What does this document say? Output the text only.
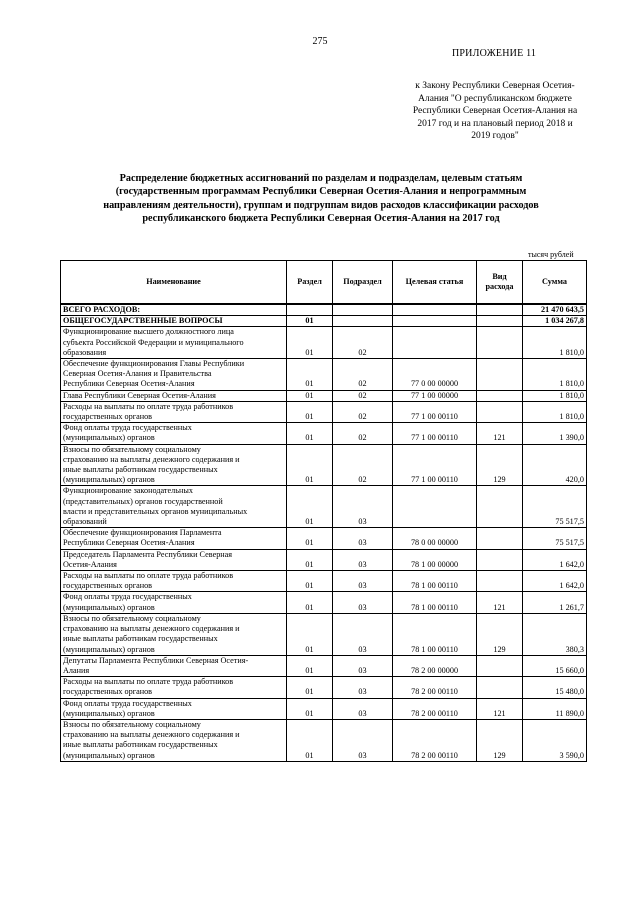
275
ПРИЛОЖЕНИЕ 11
к Закону Республики Северная Осетия-
Алания "О республиканском бюджете
Республики Северная Осетия-Алания на
2017 год и на плановый период 2018 и
2019 годов"
Распределение бюджетных ассигнований по разделам и подразделам, целевым статьям
(государственным программам Республики Северная Осетия-Алания и непрограммным
направлениям деятельности), группам и подгруппам видов расходов классификации расходов
республиканского бюджета Республики Северная Осетия-Алания на 2017 год
тысяч рублей
Наименование	Раздел	Подраздел	Целевая статья	Вид расхода	Сумма

ВСЕГО РАСХОДОВ:					21 470 643,5

ОБЩЕГОСУДАРСТВЕННЫЕ ВОПРОСЫ	01				1 034 267,8

Функционирование высшего должностного лица
субъекта Российской Федерации и муниципального
образования	01	02			1 810,0

Обеспечение функционирования Главы Республики
Северная Осетия-Алания и Правительства
Республики Северная Осетия-Алания	01	02	77 0 00 00000		1 810,0

Глава Республики Северная Осетия-Алания	01	02	77 1 00 00000		1 810,0

Расходы на выплаты по оплате труда работников
государственных органов	01	02	77 1 00 00110		1 810,0

Фонд оплаты труда государственных
(муниципальных) органов	01	02	77 1 00 00110	121	1 390,0

Взносы по обязательному социальному
страхованию на выплаты денежного содержания и
иные выплаты работникам государственных
(муниципальных) органов	01	02	77 1 00 00110	129	420,0

Функционирование законодательных
(представительных) органов государственной
власти и представительных органов муниципальных
образований	01	03			75 517,5

Обеспечение функционирования Парламента
Республики Северная Осетия-Алания	01	03	78 0 00 00000		75 517,5

Председатель Парламента Республики Северная
Осетия-Алания	01	03	78 1 00 00000		1 642,0

Расходы на выплаты по оплате труда работников
государственных органов	01	03	78 1 00 00110		1 642,0

Фонд оплаты труда государственных
(муниципальных) органов	01	03	78 1 00 00110	121	1 261,7

Взносы по обязательному социальному
страхованию на выплаты денежного содержания и
иные выплаты работникам государственных
(муниципальных) органов	01	03	78 1 00 00110	129	380,3

Депутаты Парламента Республики Северная Осетия-
Алания	01	03	78 2 00 00000		15 660,0

Расходы на выплаты по оплате труда работников
государственных органов	01	03	78 2 00 00110		15 480,0

Фонд оплаты труда государственных
(муниципальных) органов	01	03	78 2 00 00110	121	11 890,0

Взносы по обязательному социальному
страхованию на выплаты денежного содержания и
иные выплаты работникам государственных
(муниципальных) органов	01	03	78 2 00 00110	129	3 590,0
